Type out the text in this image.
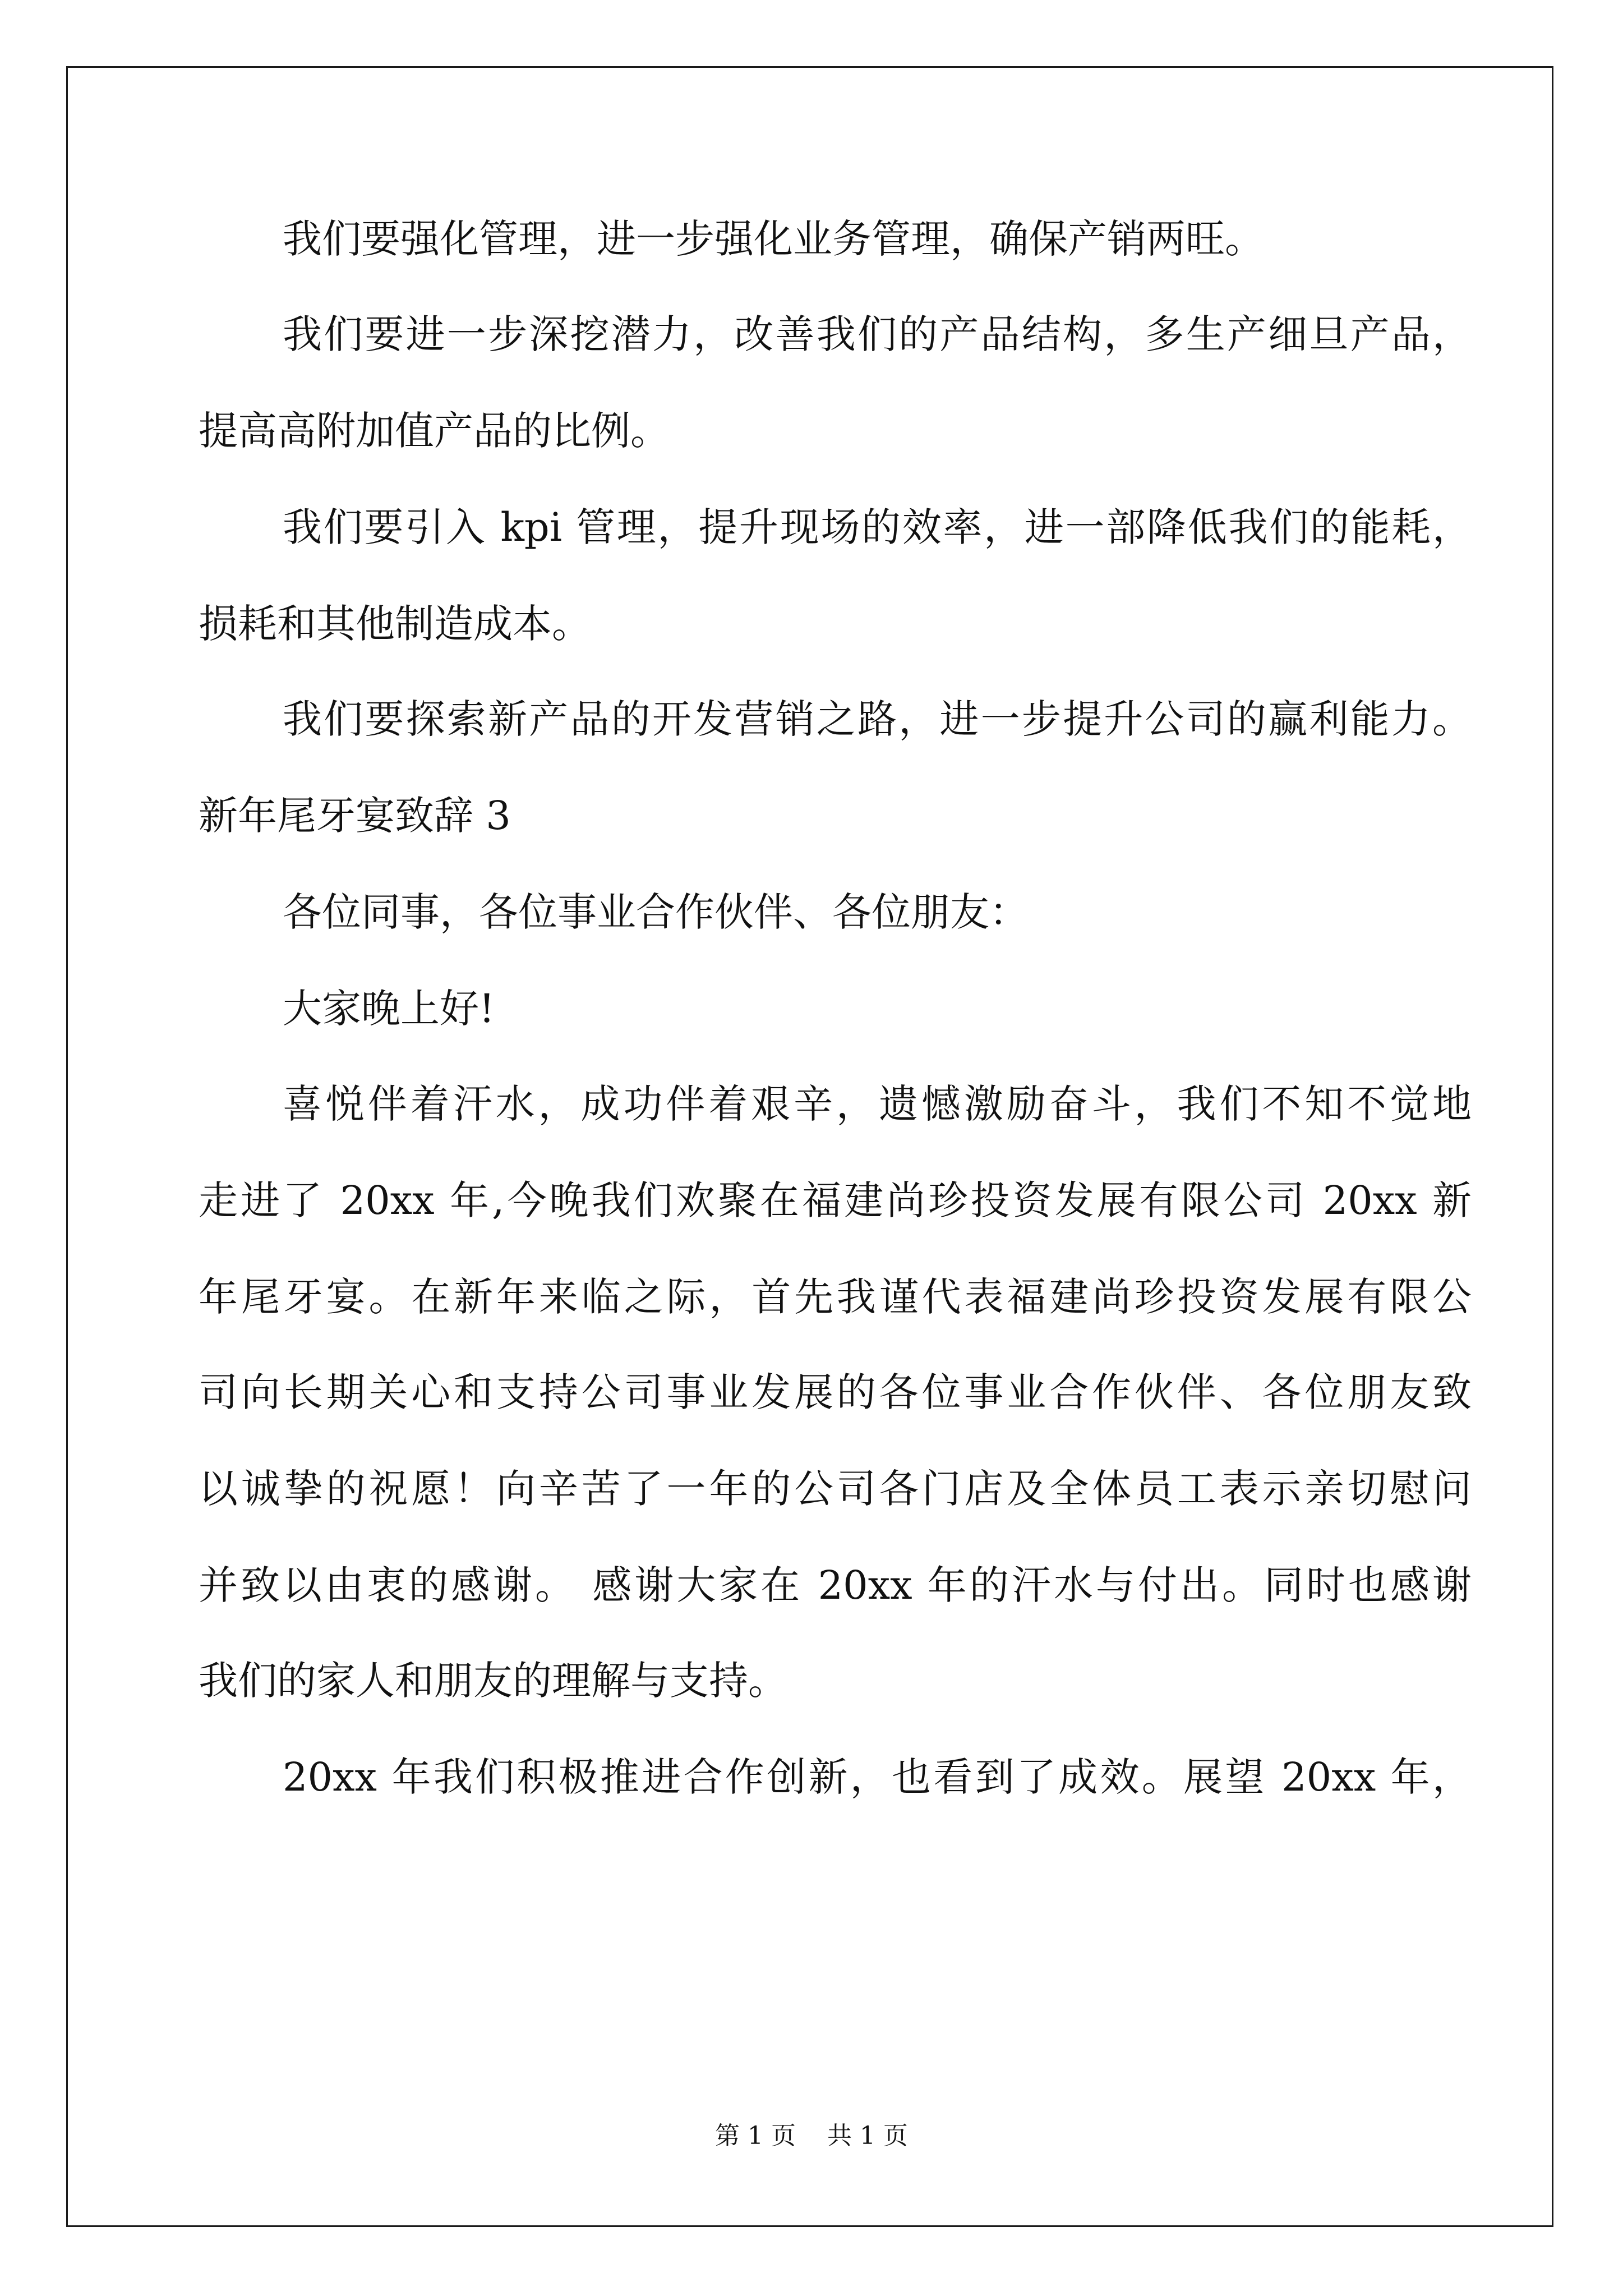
我们要强化管理，进一步强化业务管理，确保产销两旺。
我们要进一步深挖潜力，改善我们的产品结构，多生产细旦产品，
提高高附加值产品的比例。
我们要引入 kpi 管理，提升现场的效率，进一部降低我们的能耗，
损耗和其他制造成本。
我们要探索新产品的开发营销之路，进一步提升公司的赢利能力。
新年尾牙宴致辞 3
各位同事，各位事业合作伙伴、各位朋友：
大家晚上好!
喜悦伴着汗水，成功伴着艰辛，遗憾激励奋斗，我们不知不觉地
走进了 20xx 年,今晚我们欢聚在福建尚珍投资发展有限公司 20xx 新
年尾牙宴。在新年来临之际，首先我谨代表福建尚珍投资发展有限公
司向长期关心和支持公司事业发展的各位事业合作伙伴、各位朋友致
以诚挚的祝愿！向辛苦了一年的公司各门店及全体员工表示亲切慰问
并致以由衷的感谢。 感谢大家在 20xx 年的汗水与付出。同时也感谢
我们的家人和朋友的理解与支持。
20xx 年我们积极推进合作创新，也看到了成效。展望 20xx 年，
第 1 页 共 1 页
